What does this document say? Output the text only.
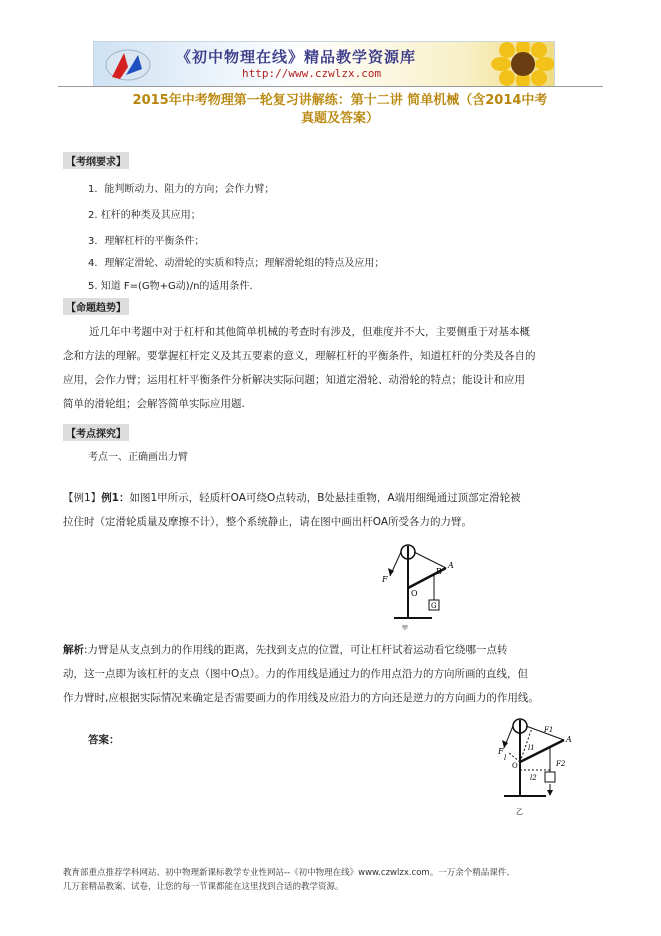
《初中物理在线》精品教学资源库
http://www.czwlzx.com
2015年中考物理第一轮复习讲解练：第十二讲 简单机械（含2014中考
真题及答案）
【考纲要求】
1．能判断动力、阻力的方向；会作力臂；
2. 杠杆的种类及其应用；
3．理解杠杆的平衡条件；
4．理解定滑轮、动滑轮的实质和特点；理解滑轮组的特点及应用；
5. 知道 F=(G物+G动)/n的适用条件.
【命题趋势】
近几年中考题中对于杠杆和其他简单机械的考查时有涉及，但难度并不大，主要侧重于对基本概
念和方法的理解。要掌握杠杆定义及其五要素的意义，理解杠杆的平衡条件，知道杠杆的分类及各自的
应用，会作力臂；运用杠杆平衡条件分析解决实际问题；知道定滑轮、动滑轮的特点；能设计和应用
简单的滑轮组；会解答简单实际应用题.
【考点探究】
考点一、正确画出力臂
【例1】例1：如图1甲所示，轻质杆OA可绕O点转动，B处悬挂重物，A端用细绳通过顶部定滑轮被
拉住时（定滑轮质量及摩擦不计），整个系统静止，请在图中画出杆OA所受各力的力臂。
F
O
B
A
G
甲
解析:力臂是从支点到力的作用线的距离，先找到支点的位置，可让杠杆试着运动看它绕哪一点转
动，这一点即为该杠杆的支点（图中O点）。力的作用线是通过力的作用点沿力的方向所画的直线，但
作力臂时,应根据实际情况来确定是否需要画力的作用线及应沿力的方向还是逆力的方向画力的作用线。
答案：
F
O
A
F1
F2
l1
l
l2
乙
教育部重点推荐学科网站、初中物理新课标教学专业性网站--《初中物理在线》www.czwlzx.com。一万余个精品课件、
几万套精品教案、试卷，让您的每一节课都能在这里找到合适的教学资源。
